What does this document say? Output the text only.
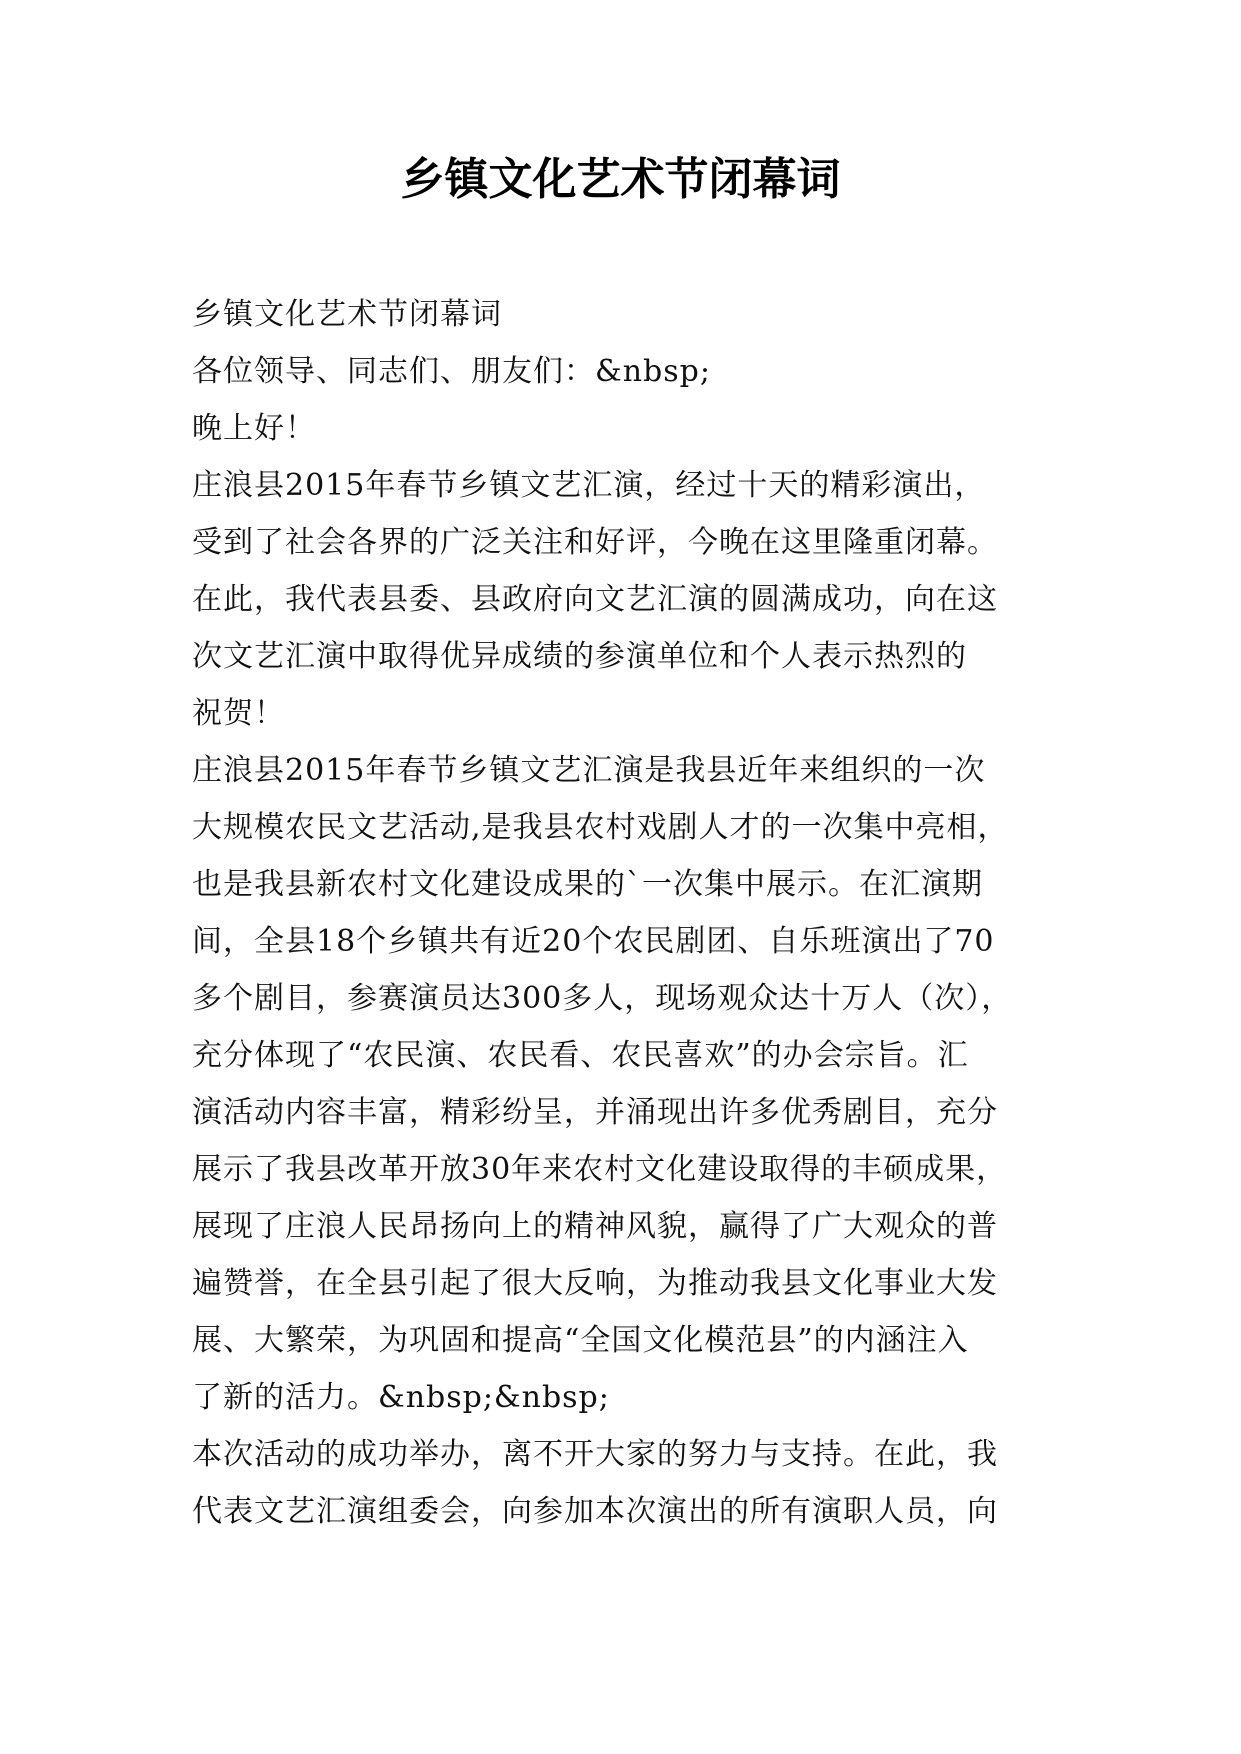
乡镇文化艺术节闭幕词

乡镇文化艺术节闭幕词

各位领导、同志们、朋友们：&nbsp;

晚上好！

庄浪县2015年春节乡镇文艺汇演，经过十天的精彩演出，
受到了社会各界的广泛关注和好评，今晚在这里隆重闭幕。
在此，我代表县委、县政府向文艺汇演的圆满成功，向在这
次文艺汇演中取得优异成绩的参演单位和个人表示热烈的
祝贺！

庄浪县2015年春节乡镇文艺汇演是我县近年来组织的一次
大规模农民文艺活动,是我县农村戏剧人才的一次集中亮相，
也是我县新农村文化建设成果的`一次集中展示。在汇演期
间，全县18个乡镇共有近20个农民剧团、自乐班演出了70
多个剧目，参赛演员达300多人，现场观众达十万人（次），
充分体现了“农民演、农民看、农民喜欢”的办会宗旨。汇
演活动内容丰富，精彩纷呈，并涌现出许多优秀剧目，充分
展示了我县改革开放30年来农村文化建设取得的丰硕成果，
展现了庄浪人民昂扬向上的精神风貌，赢得了广大观众的普
遍赞誉，在全县引起了很大反响，为推动我县文化事业大发
展、大繁荣，为巩固和提高“全国文化模范县”的内涵注入
了新的活力。&nbsp;&nbsp;

本次活动的成功举办，离不开大家的努力与支持。在此，我
代表文艺汇演组委会，向参加本次演出的所有演职人员，向
